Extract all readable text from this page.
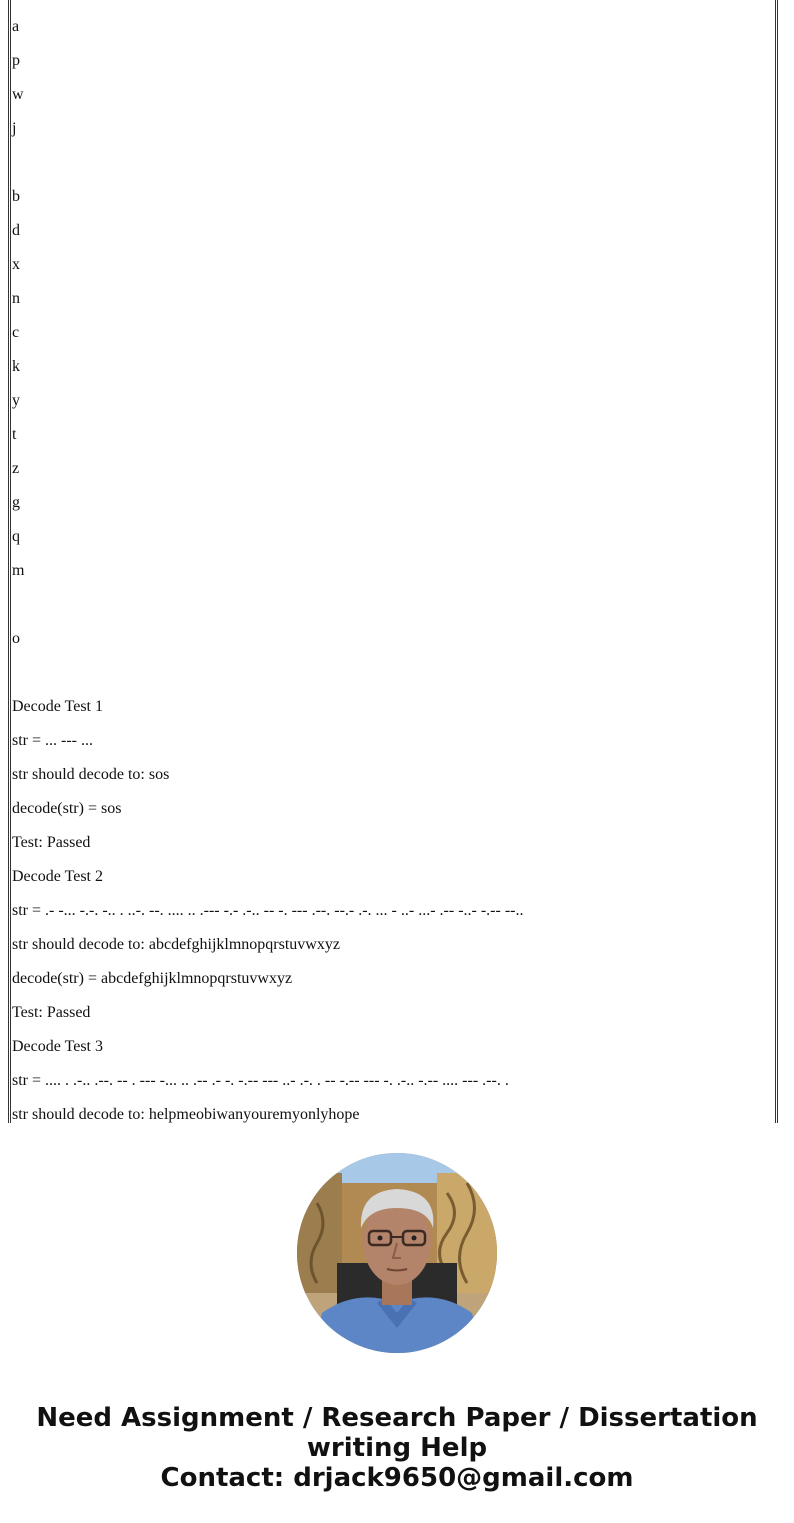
a
p
w
j
b
d
x
n
c
k
y
t
z
g
q
m
o
Decode Test 1
str = ... --- ...
str should decode to: sos
decode(str) = sos
Test: Passed
Decode Test 2
str = .- -... -.-. -.. . ..-. --. .... .. .--- -.- .-.. -- -. --- .--. --.- .-. ... - ..- ...- .-- -..- -.-- --..
str should decode to: abcdefghijklmnopqrstuvwxyz
decode(str) = abcdefghijklmnopqrstuvwxyz
Test: Passed
Decode Test 3
str = .... . .-.. .--. -- . --- -... .. .-- .- -. -.-- --- ..- .-. . -- -.-- --- -. .-.. -.-- .... --- .--. .
str should decode to: helpmeobiwanyouremyonlyhope
Need Assignment / Research Paper / Dissertation
writing Help
Contact: drjack9650@gmail.com
